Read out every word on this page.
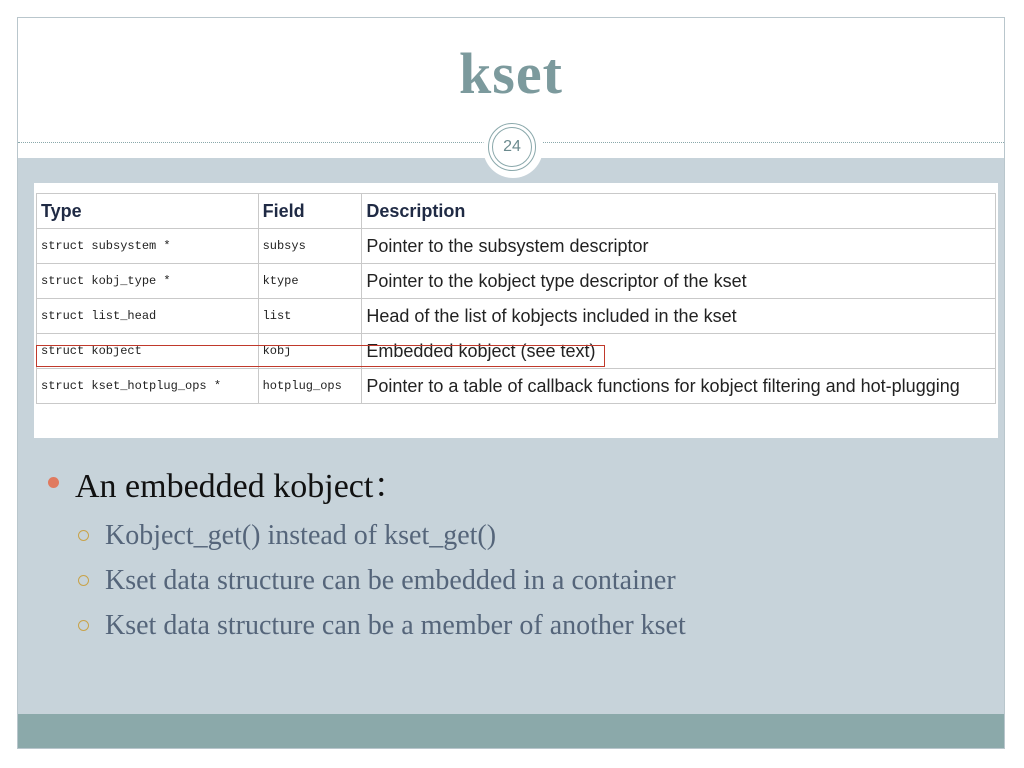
kset
24
Type	Field	Description
struct subsystem *	subsys	Pointer to the subsystem descriptor
struct kobj_type *	ktype	Pointer to the kobject type descriptor of the kset
struct list_head	list	Head of the list of kobjects included in the kset
struct kobject	kobj	Embedded kobject (see text)
struct kset_hotplug_ops *	hotplug_ops	Pointer to a table of callback functions for kobject filtering and hot-plugging
An embedded kobject：
Kobject_get() instead of kset_get()
Kset data structure can be embedded in a container
Kset data structure can be a member of another kset
